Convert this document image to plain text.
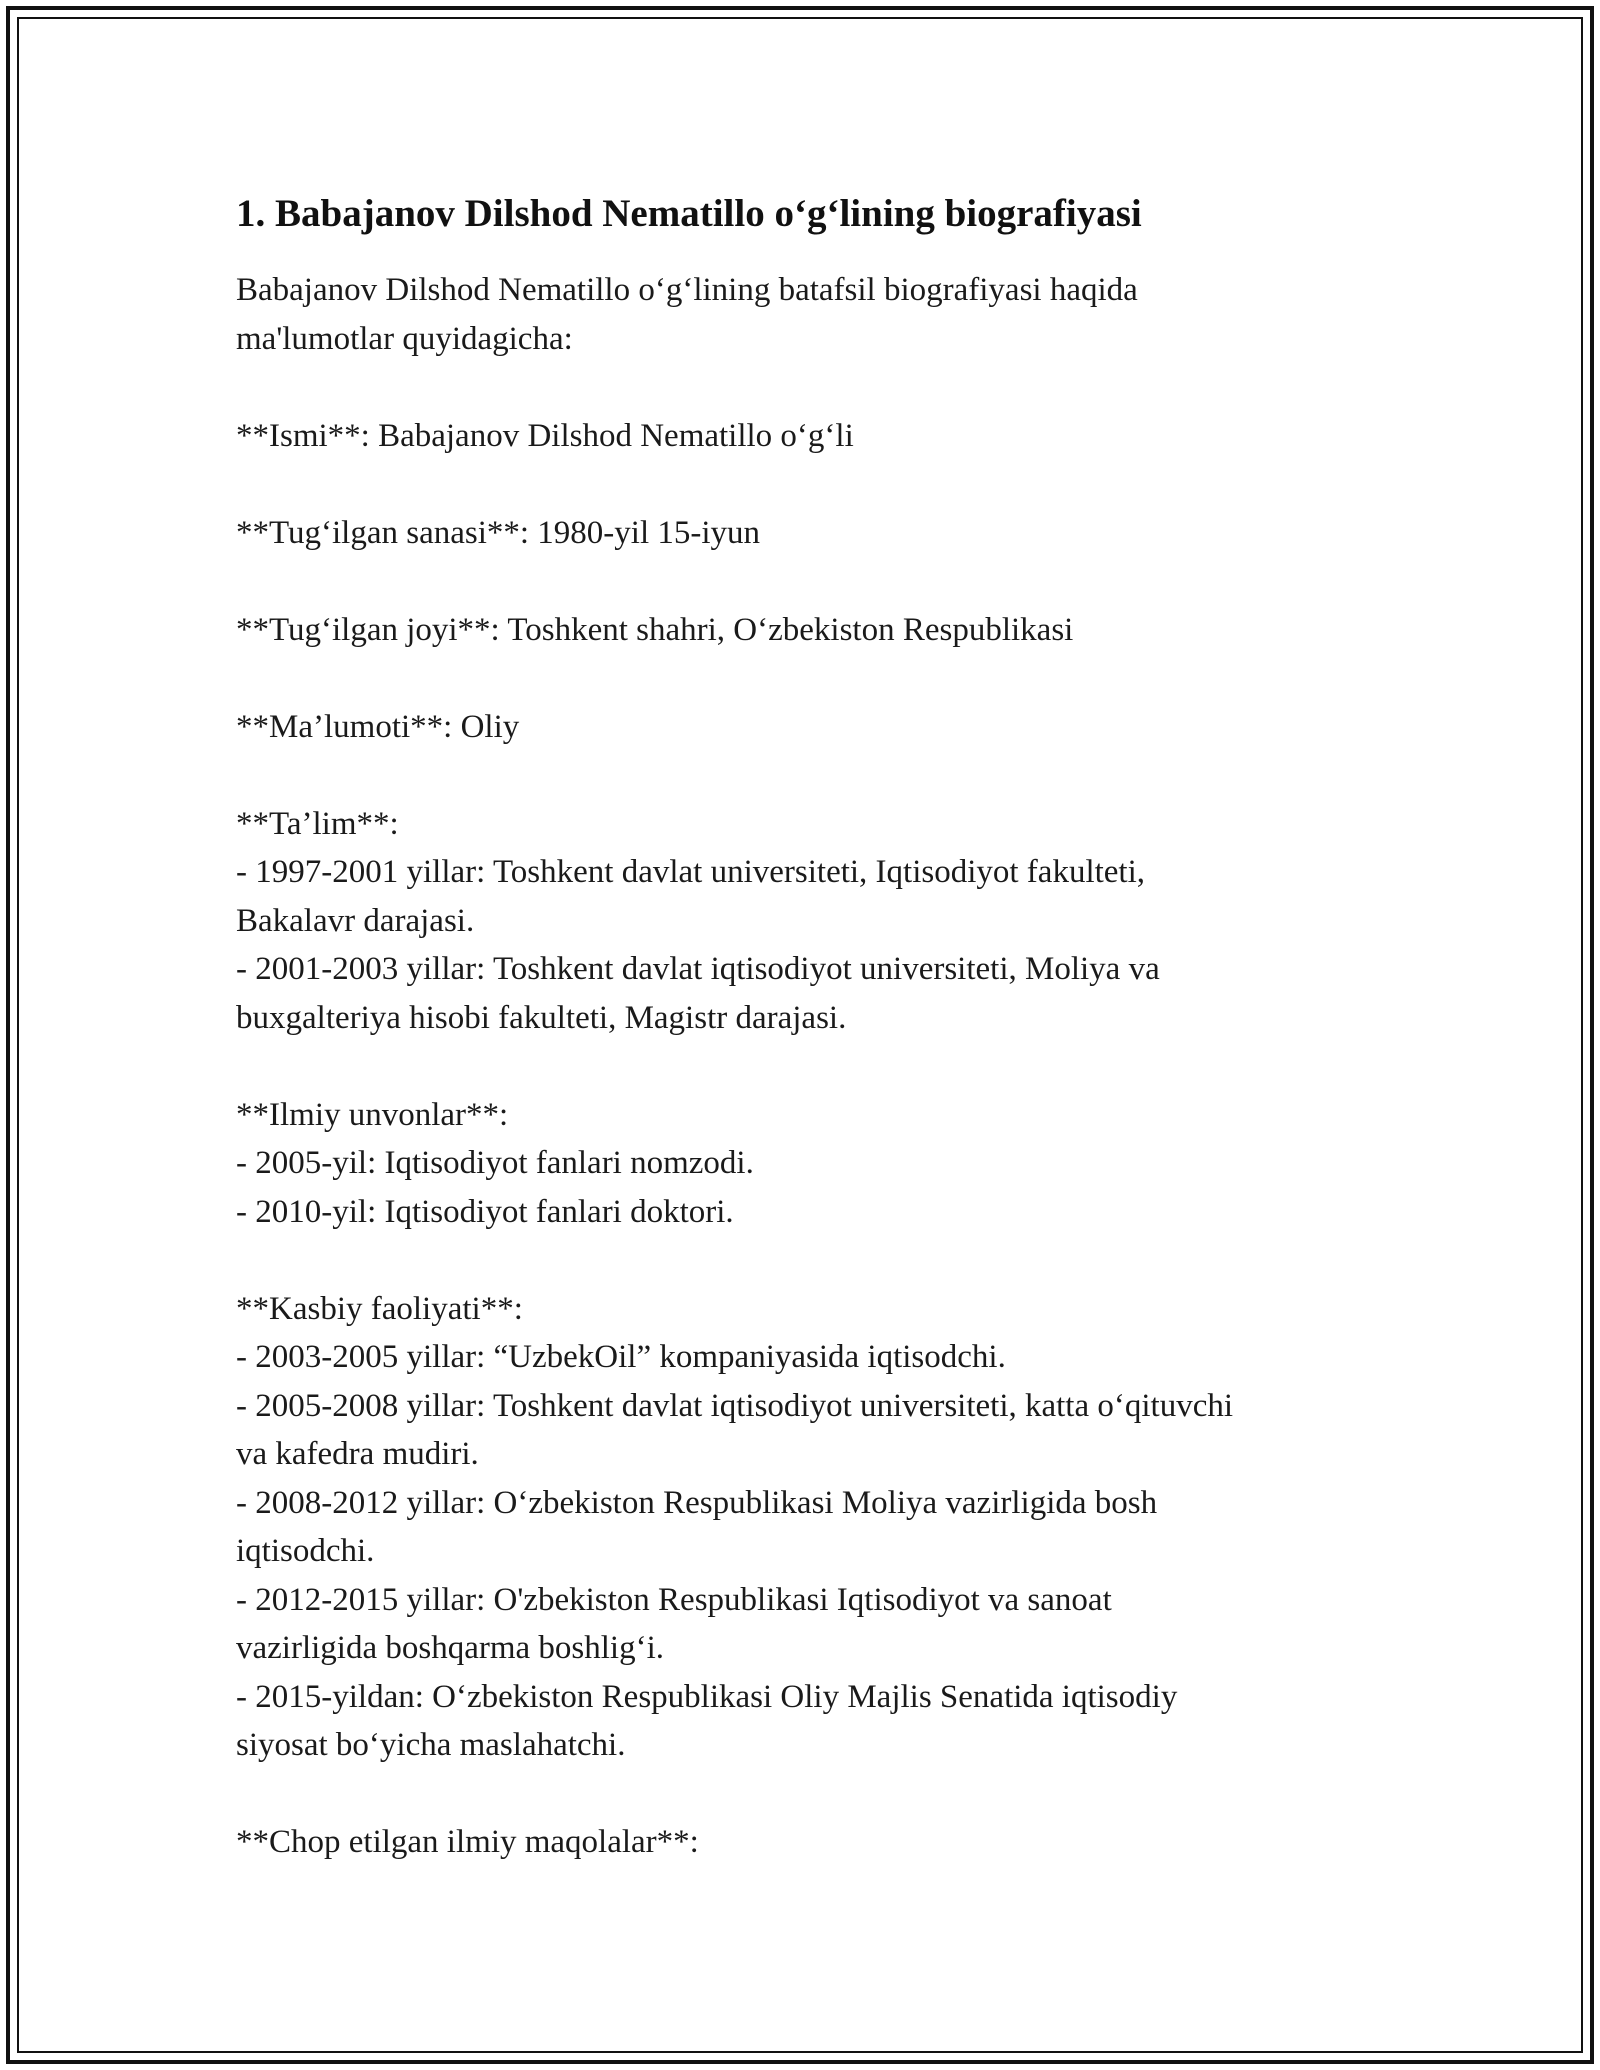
1. Babajanov Dilshod Nematillo o‘g‘lining biografiyasi

Babajanov Dilshod Nematillo o‘g‘lining batafsil biografiyasi haqida

ma'lumotlar quyidagicha:

**Ismi**: Babajanov Dilshod Nematillo o‘g‘li

**Tug‘ilgan sanasi**: 1980-yil 15-iyun

**Tug‘ilgan joyi**: Toshkent shahri, O‘zbekiston Respublikasi

**Ma’lumoti**: Oliy

**Ta’lim**:

- 1997-2001 yillar: Toshkent davlat universiteti, Iqtisodiyot fakulteti,

Bakalavr darajasi.

- 2001-2003 yillar: Toshkent davlat iqtisodiyot universiteti, Moliya va

buxgalteriya hisobi fakulteti, Magistr darajasi.

**Ilmiy unvonlar**:

- 2005-yil: Iqtisodiyot fanlari nomzodi.

- 2010-yil: Iqtisodiyot fanlari doktori.

**Kasbiy faoliyati**:

- 2003-2005 yillar: “UzbekOil” kompaniyasida iqtisodchi.

- 2005-2008 yillar: Toshkent davlat iqtisodiyot universiteti, katta o‘qituvchi

va kafedra mudiri.

- 2008-2012 yillar: O‘zbekiston Respublikasi Moliya vazirligida bosh

iqtisodchi.

- 2012-2015 yillar: O'zbekiston Respublikasi Iqtisodiyot va sanoat

vazirligida boshqarma boshlig‘i.

- 2015-yildan: O‘zbekiston Respublikasi Oliy Majlis Senatida iqtisodiy

siyosat bo‘yicha maslahatchi.

**Chop etilgan ilmiy maqolalar**:
